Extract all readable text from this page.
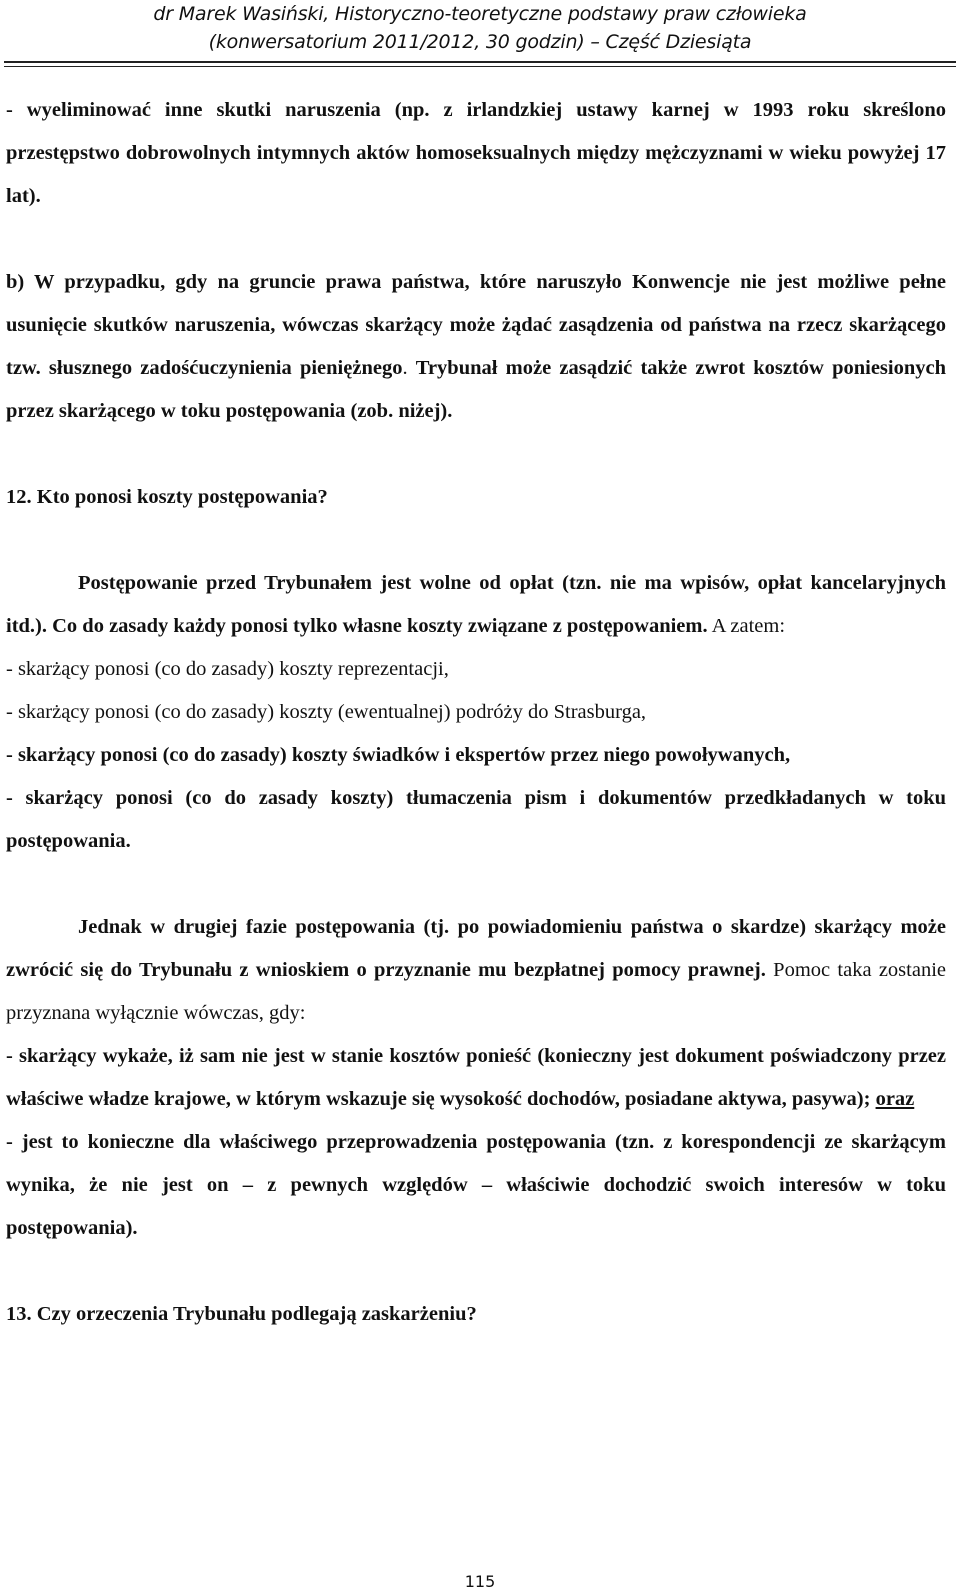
dr Marek Wasiński, Historyczno-teoretyczne podstawy praw człowieka
(konwersatorium 2011/2012, 30 godzin) – Część Dziesiąta

- wyeliminować inne skutki naruszenia (np. z irlandzkiej ustawy karnej w 1993 roku skreślono przestępstwo dobrowolnych intymnych aktów homoseksualnych między mężczyznami w wieku powyżej 17 lat).

b) W przypadku, gdy na gruncie prawa państwa, które naruszyło Konwencje nie jest możliwe pełne usunięcie skutków naruszenia, wówczas skarżący może żądać zasądzenia od państwa na rzecz skarżącego tzw. słusznego zadośćuczynienia pieniężnego. Trybunał może zasądzić także zwrot kosztów poniesionych przez skarżącego w toku postępowania (zob. niżej).

12. Kto ponosi koszty postępowania?

Postępowanie przed Trybunałem jest wolne od opłat (tzn. nie ma wpisów, opłat kancelaryjnych itd.). Co do zasady każdy ponosi tylko własne koszty związane z postępowaniem. A zatem:

- skarżący ponosi (co do zasady) koszty reprezentacji,

- skarżący ponosi (co do zasady) koszty (ewentualnej) podróży do Strasburga,

- skarżący ponosi (co do zasady) koszty świadków i ekspertów przez niego powoływanych,

- skarżący ponosi (co do zasady koszty) tłumaczenia pism i dokumentów przedkładanych w toku postępowania.

Jednak w drugiej fazie postępowania (tj. po powiadomieniu państwa o skardze) skarżący może zwrócić się do Trybunału z wnioskiem o przyznanie mu bezpłatnej pomocy prawnej. Pomoc taka zostanie przyznana wyłącznie wówczas, gdy:

- skarżący wykaże, iż sam nie jest w stanie kosztów ponieść (konieczny jest dokument poświadczony przez właściwe władze krajowe, w którym wskazuje się wysokość dochodów, posiadane aktywa, pasywa); oraz

- jest to konieczne dla właściwego przeprowadzenia postępowania (tzn. z korespondencji ze skarżącym wynika, że nie jest on – z pewnych względów – właściwie dochodzić swoich interesów w toku postępowania).

13. Czy orzeczenia Trybunału podlegają zaskarżeniu?

115
